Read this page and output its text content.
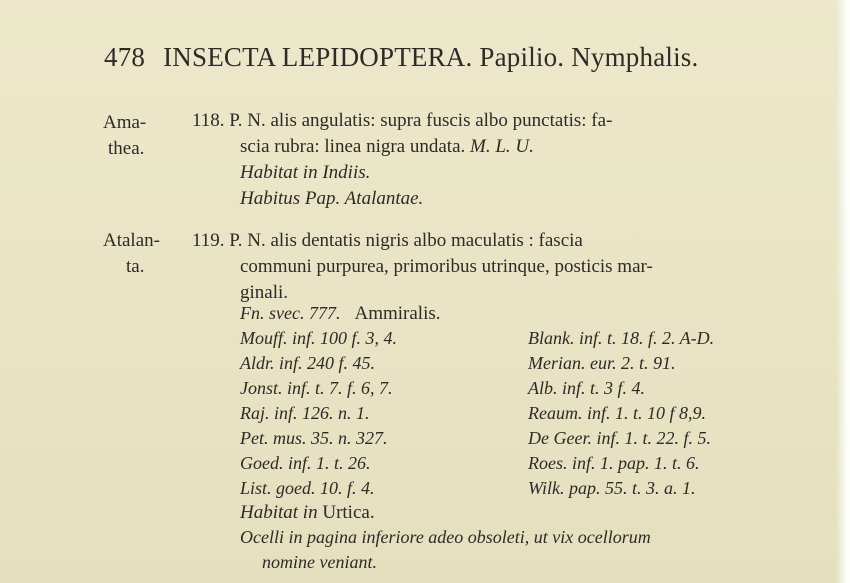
478 INSECTA LEPIDOPTERA. Papilio. Nymphalis.
Ama-
thea.
118. P. N. alis angulatis: supra fuscis albo punctatis: fa-
scia rubra: linea nigra undata. M. L. U.
Habitat in Indiis.
Habitus Pap. Atalantae.
Atalan-
ta.
119. P. N. alis dentatis nigris albo maculatis : fascia
communi purpurea, primoribus utrinque, posticis mar-
ginali.
Fn. svec. 777. Ammiralis.
Mouff. inf. 100 f. 3, 4.
Aldr. inf. 240 f. 45.
Jonst. inf. t. 7. f. 6, 7.
Raj. inf. 126. n. 1.
Pet. mus. 35. n. 327.
Goed. inf. 1. t. 26.
List. goed. 10. f. 4.
Blank. inf. t. 18. f. 2. A-D.
Merian. eur. 2. t. 91.
Alb. inf. t. 3 f. 4.
Reaum. inf. 1. t. 10 f 8,9.
De Geer. inf. 1. t. 22. f. 5.
Roes. inf. 1. pap. 1. t. 6.
Wilk. pap. 55. t. 3. a. 1.
Habitat in Urtica.
Ocelli in pagina inferiore adeo obsoleti, ut vix ocellorum
nomine veniant.
